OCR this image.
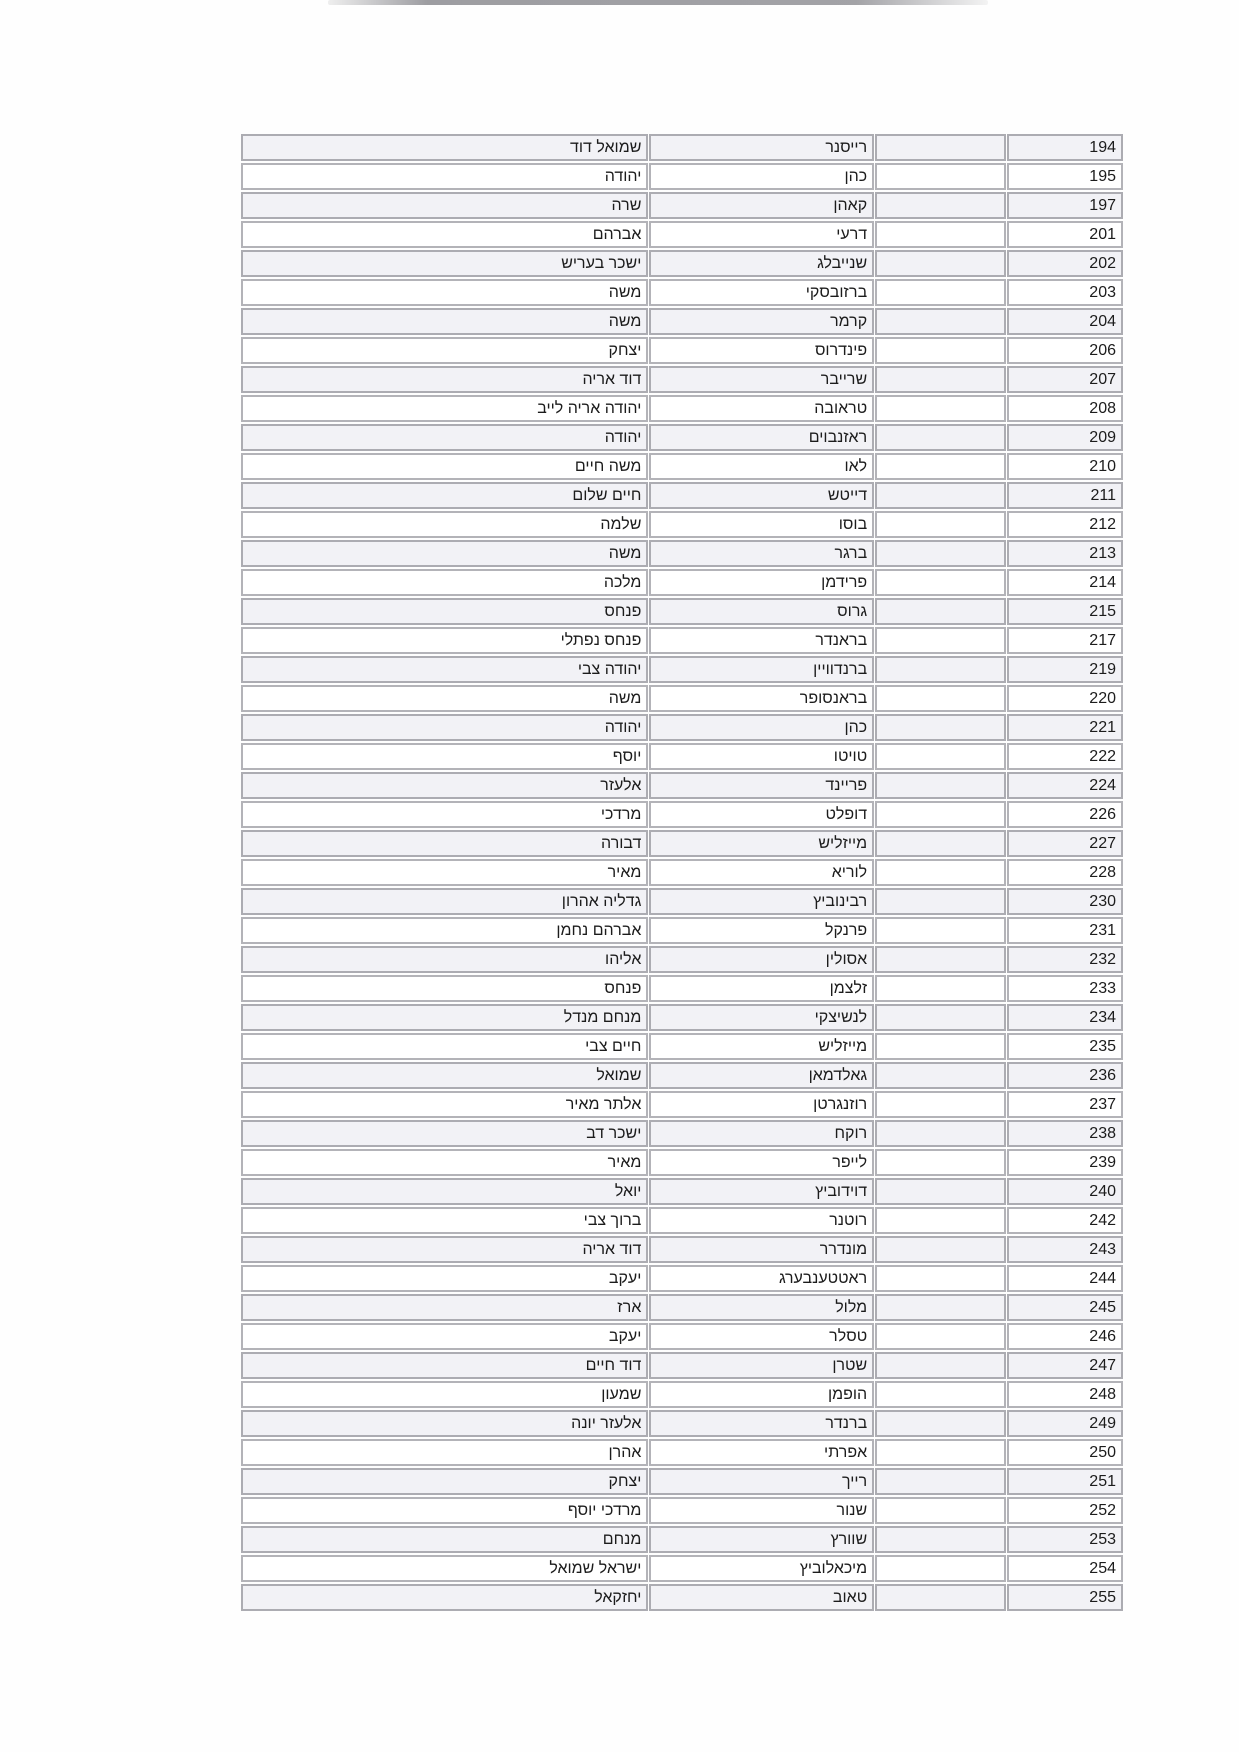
שמואל דוד	רייסנר		194
יהודה	כהן		195
שרה	קאהן		197
אברהם	דרעי		201
ישכר בעריש	שנייבלג		202
משה	ברזובסקי		203
משה	קרמר		204
יצחק	פינדרוס		206
דוד אריה	שרייבר		207
יהודה אריה לייב	טראובה		208
יהודה	ראזנבוים		209
משה חיים	לאו		210
חיים שלום	דייטש		211
שלמה	בוסו		212
משה	ברגר		213
מלכה	פרידמן		214
פנחס	גרוס		215
פנחס נפתלי	בראנדר		217
יהודה צבי	ברנדוויין		219
משה	בראנסופר		220
יהודה	כהן		221
יוסף	טויטו		222
אלעזר	פריינד		224
מרדכי	דופלט		226
דבורה	מייזליש		227
מאיר	לוריא		228
גדליה אהרון	רבינוביץ		230
אברהם נחמן	פרנקל		231
אליהו	אסולין		232
פנחס	זלצמן		233
מנחם מנדל	לנשיצקי		234
חיים צבי	מייזליש		235
שמואל	גאלדמאן		236
אלתר מאיר	רוזנגרטן		237
ישכר דב	רוקח		238
מאיר	לייפר		239
יואל	דוידוביץ		240
ברוך צבי	רוטנר		242
דוד אריה	מונדרר		243
יעקב	ראטטענבערג		244
ארז	מלול		245
יעקב	טסלר		246
דוד חיים	שטרן		247
שמעון	הופמן		248
אלעזר יונה	ברנדר		249
אהרן	אפרתי		250
יצחק	רייך		251
מרדכי יוסף	שנור		252
מנחם	שוורץ		253
ישראל שמואל	מיכאלוביץ		254
יחזקאל	טאוב		255
